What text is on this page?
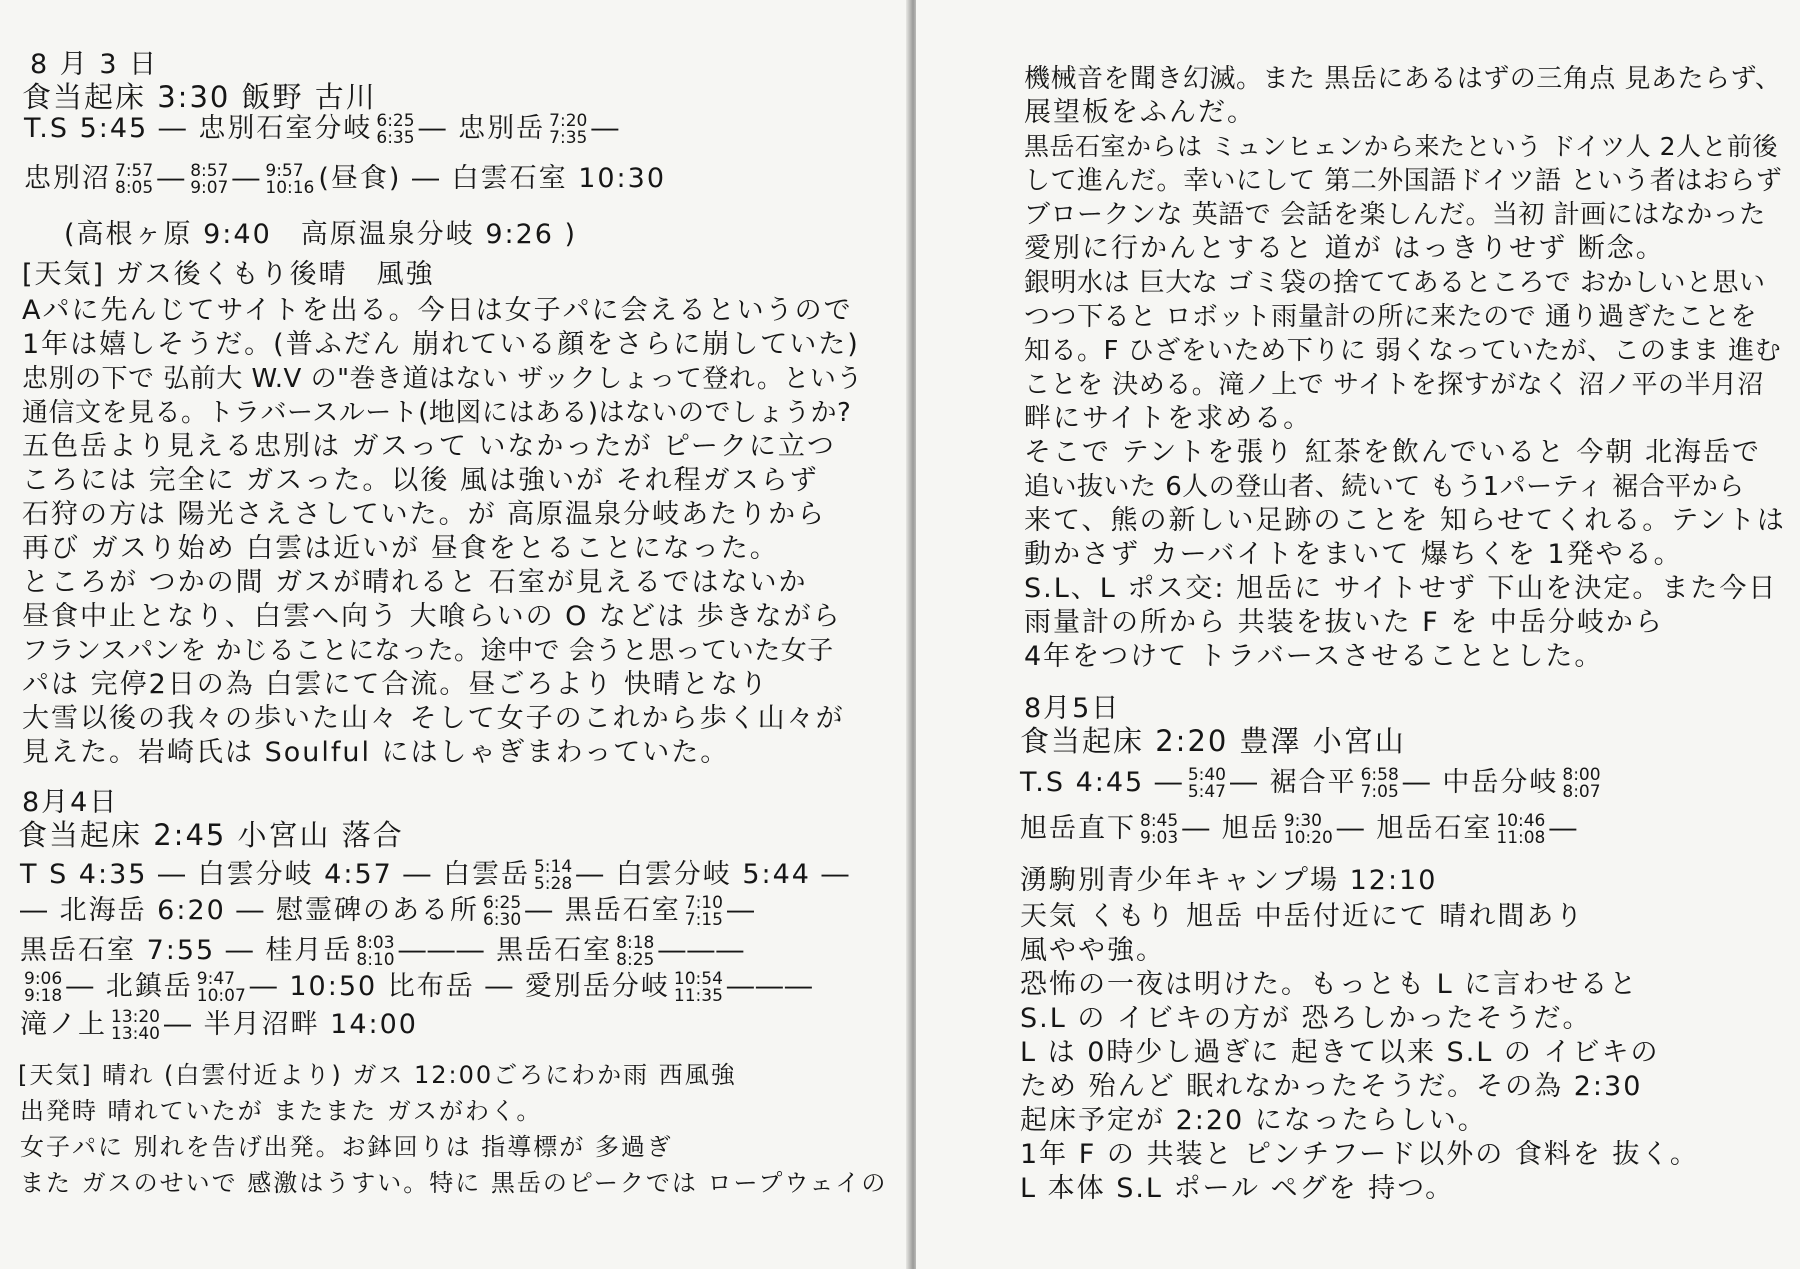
8 月 3 日
食当起床 3:30 飯野 古川
T.S 5:45 ― 忠別石室分岐 6:25
6:35 ― 忠別岳 7:20
7:35 ―
忠別沼 7:57
8:05 ― 8:57
9:07 ― 9:57
10:16 (昼食) ― 白雲石室 10:30
(高根ヶ原 9:40　高原温泉分岐 9:26 )
[天気] ガス後くもり後晴　風強
Aパに先んじてサイトを出る。今日は女子パに会えるというので
1年は嬉しそうだ。(普ふだん 崩れている顔をさらに崩していた)
忠別の下で 弘前大 W.V の"巻き道はない ザックしょって登れ。という
通信文を見る。トラバースルート(地図にはある)はないのでしょうか?
五色岳より見える忠別は ガスって いなかったが ピークに立つ
ころには 完全に ガスった。以後 風は強いが それ程ガスらず
石狩の方は 陽光さえさしていた。が 高原温泉分岐あたりから
再び ガスり始め 白雲は近いが 昼食をとることになった。
ところが つかの間 ガスが晴れると 石室が見えるではないか
昼食中止となり、白雲へ向う 大喰らいの O などは 歩きながら
フランスパンを かじることになった。途中で 会うと思っていた女子
パは 完停2日の為 白雲にて合流。昼ごろより 快晴となり
大雪以後の我々の歩いた山々 そして女子のこれから歩く山々が
見えた。岩崎氏は Soulful にはしゃぎまわっていた。
8月4日
食当起床 2:45 小宮山 落合
T S 4:35 ― 白雲分岐 4:57 ― 白雲岳 5:14
5:28 ― 白雲分岐 5:44 ―
― 北海岳 6:20 ― 慰霊碑のある所 6:25
6:30 ― 黒岳石室 7:10
7:15 ―
黒岳石室 7:55 ― 桂月岳 8:03
8:10 ――― 黒岳石室 8:18
8:25 ―――
9:06
9:18 ― 北鎮岳 9:47
10:07 ― 10:50 比布岳 ― 愛別岳分岐 10:54
11:35 ―――
滝ノ上 13:20
13:40 ― 半月沼畔 14:00
[天気] 晴れ (白雲付近より) ガス 12:00ごろにわか雨 西風強
出発時 晴れていたが またまた ガスがわく。
女子パに 別れを告げ出発。お鉢回りは 指導標が 多過ぎ
また ガスのせいで 感激はうすい。特に 黒岳のピークでは ロープウェイの
機械音を聞き幻滅。また 黒岳にあるはずの三角点 見あたらず、
展望板をふんだ。
黒岳石室からは ミュンヒェンから来たという ドイツ人 2人と前後
して進んだ。幸いにして 第二外国語ドイツ語 という者はおらず
ブロークンな 英語で 会話を楽しんだ。当初 計画にはなかった
愛別に行かんとすると 道が はっきりせず 断念。
銀明水は 巨大な ゴミ袋の捨ててあるところで おかしいと思い
つつ下ると ロボット雨量計の所に来たので 通り過ぎたことを
知る。F ひざをいため下りに 弱くなっていたが、このまま 進む
ことを 決める。滝ノ上で サイトを探すがなく 沼ノ平の半月沼
畔にサイトを求める。
そこで テントを張り 紅茶を飲んでいると 今朝 北海岳で
追い抜いた 6人の登山者、続いて もう1パーティ 裾合平から
来て、熊の新しい足跡のことを 知らせてくれる。テントは
動かさず カーバイトをまいて 爆ちくを 1発やる。
S.L、L ポス交: 旭岳に サイトせず 下山を決定。また今日
雨量計の所から 共装を抜いた F を 中岳分岐から
4年をつけて トラバースさせることとした。
8月5日
食当起床 2:20 豊澤 小宮山
T.S 4:45 ― 5:40
5:47 ― 裾合平 6:58
7:05 ― 中岳分岐 8:00
8:07
旭岳直下 8:45
9:03 ― 旭岳 9:30
10:20 ― 旭岳石室 10:46
11:08 ―
湧駒別青少年キャンプ場 12:10
天気 くもり 旭岳 中岳付近にて 晴れ間あり
風やや強。
恐怖の一夜は明けた。もっとも L に言わせると
S.L の イビキの方が 恐ろしかったそうだ。
L は 0時少し過ぎに 起きて以来 S.L の イビキの
ため 殆んど 眠れなかったそうだ。その為 2:30
起床予定が 2:20 になったらしい。
1年 F の 共装と ピンチフード以外の 食料を 抜く。
L 本体 S.L ポール ペグを 持つ。
